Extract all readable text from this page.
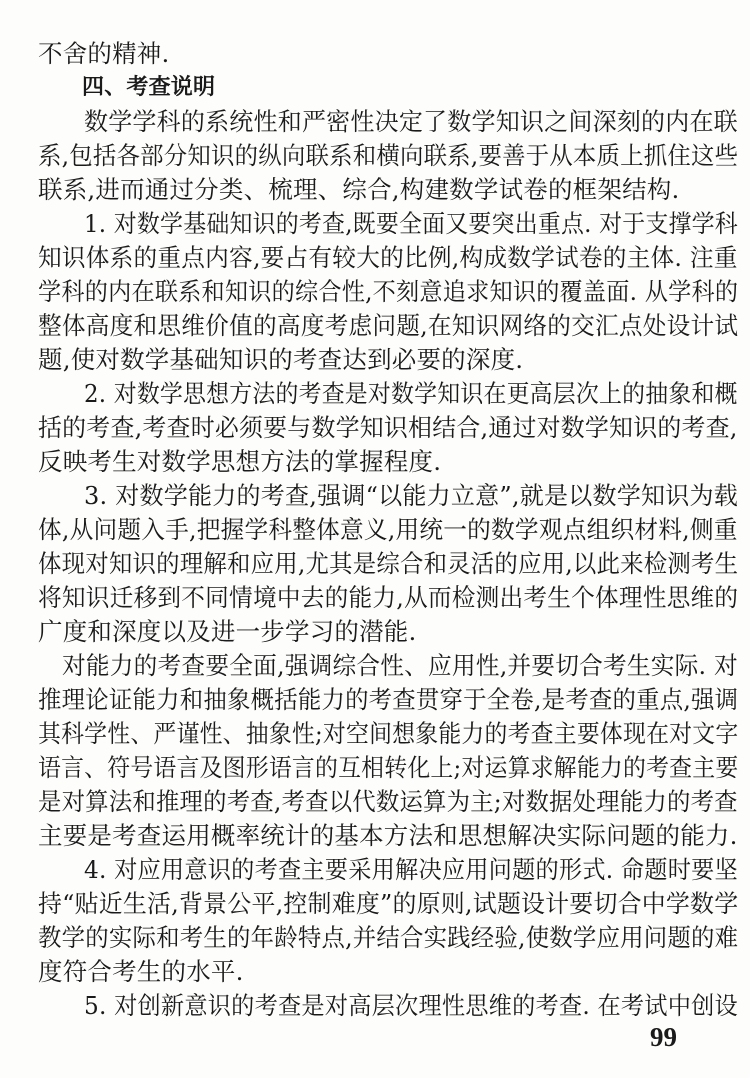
不舍的精神.
四、考查说明
数学学科的系统性和严密性决定了数学知识之间深刻的内在联
系,包括各部分知识的纵向联系和横向联系,要善于从本质上抓住这些
联系,进而通过分类、梳理、综合,构建数学试卷的框架结构.
1. 对数学基础知识的考查,既要全面又要突出重点. 对于支撑学科
知识体系的重点内容,要占有较大的比例,构成数学试卷的主体. 注重
学科的内在联系和知识的综合性,不刻意追求知识的覆盖面. 从学科的
整体高度和思维价值的高度考虑问题,在知识网络的交汇点处设计试
题,使对数学基础知识的考查达到必要的深度.
2. 对数学思想方法的考查是对数学知识在更高层次上的抽象和概
括的考查,考查时必须要与数学知识相结合,通过对数学知识的考查,
反映考生对数学思想方法的掌握程度.
3. 对数学能力的考查,强调“以能力立意”,就是以数学知识为载
体,从问题入手,把握学科整体意义,用统一的数学观点组织材料,侧重
体现对知识的理解和应用,尤其是综合和灵活的应用,以此来检测考生
将知识迁移到不同情境中去的能力,从而检测出考生个体理性思维的
广度和深度以及进一步学习的潜能.
对能力的考查要全面,强调综合性、应用性,并要切合考生实际. 对
推理论证能力和抽象概括能力的考查贯穿于全卷,是考查的重点,强调
其科学性、严谨性、抽象性;对空间想象能力的考查主要体现在对文字
语言、符号语言及图形语言的互相转化上;对运算求解能力的考查主要
是对算法和推理的考查,考查以代数运算为主;对数据处理能力的考查
主要是考查运用概率统计的基本方法和思想解决实际问题的能力.
4. 对应用意识的考查主要采用解决应用问题的形式. 命题时要坚
持“贴近生活,背景公平,控制难度”的原则,试题设计要切合中学数学
教学的实际和考生的年龄特点,并结合实践经验,使数学应用问题的难
度符合考生的水平.
5. 对创新意识的考查是对高层次理性思维的考查. 在考试中创设
99
